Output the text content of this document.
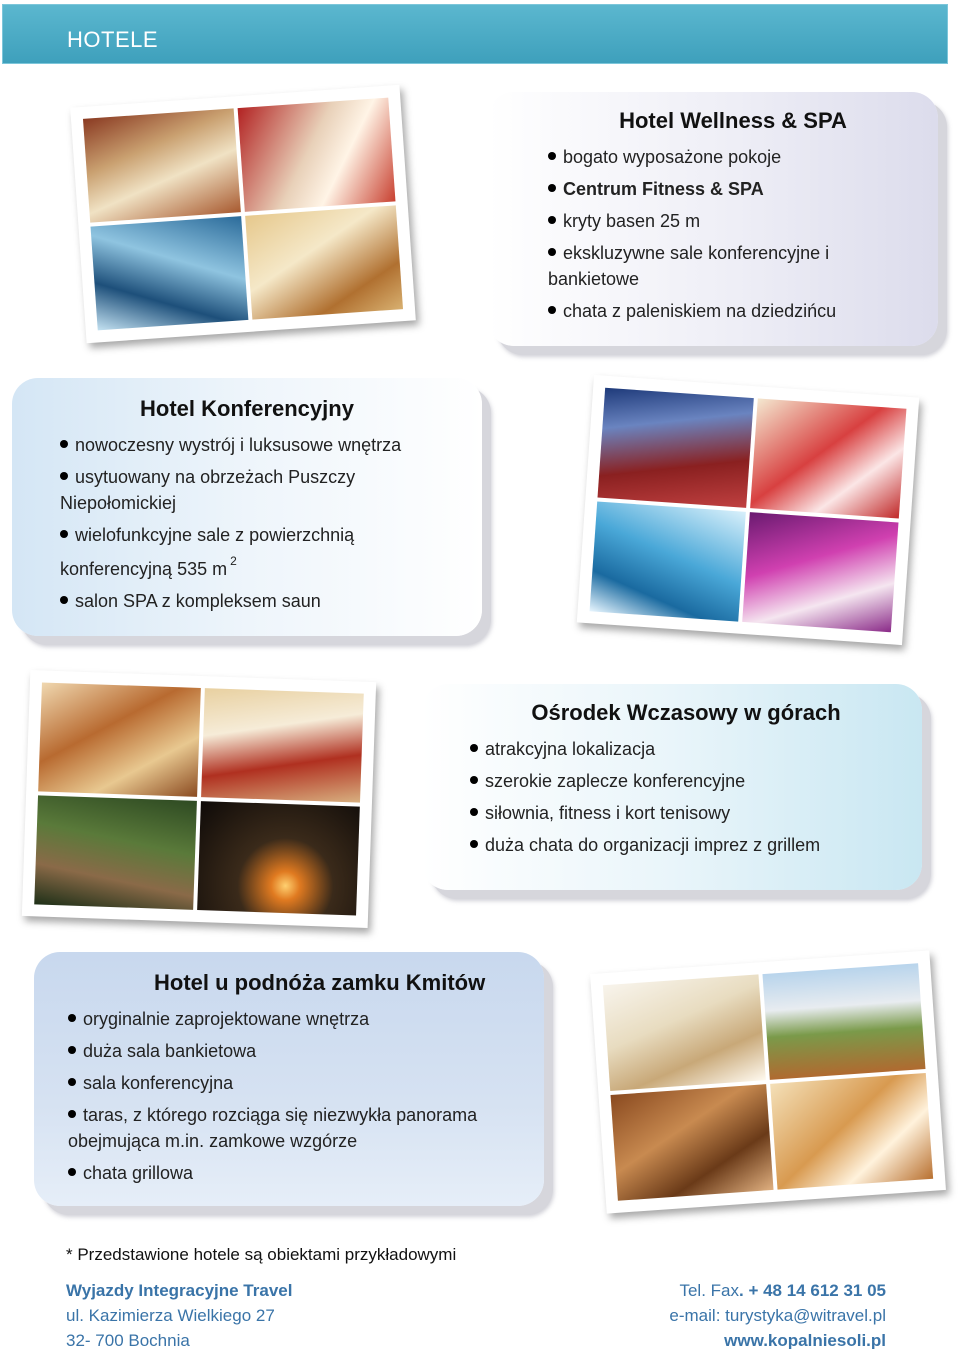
HOTELE
Hotel Wellness & SPA
bogato wyposażone pokoje
Centrum Fitness & SPA
kryty basen 25 m
ekskluzywne sale konferencyjne i bankietowe
chata z paleniskiem na dziedzińcu
Hotel Konferencyjny
nowoczesny wystrój i luksusowe wnętrza
usytuowany na obrzeżach Puszczy Niepołomickiej
wielofunkcyjne sale z powierzchnią konferencyjną 535 m $^2$
salon SPA z kompleksem saun
Ośrodek Wczasowy w górach
atrakcyjna lokalizacja
szerokie zaplecze konferencyjne
siłownia, fitness i kort tenisowy
duża chata do organizacji imprez z grillem
Hotel u podnóża zamku Kmitów
oryginalnie zaprojektowane wnętrza
duża sala bankietowa
sala konferencyjna
taras, z którego rozciąga się niezwykła panorama obejmująca m.in. zamkowe wzgórze
chata grillowa
* Przedstawione hotele są obiektami przykładowymi
Wyjazdy Integracyjne Travel
ul. Kazimierza Wielkiego 27
32- 700 Bochnia
Tel. Fax. + 48 14 612 31 05
e-mail: turystyka@witravel.pl
www.kopalniesoli.pl
